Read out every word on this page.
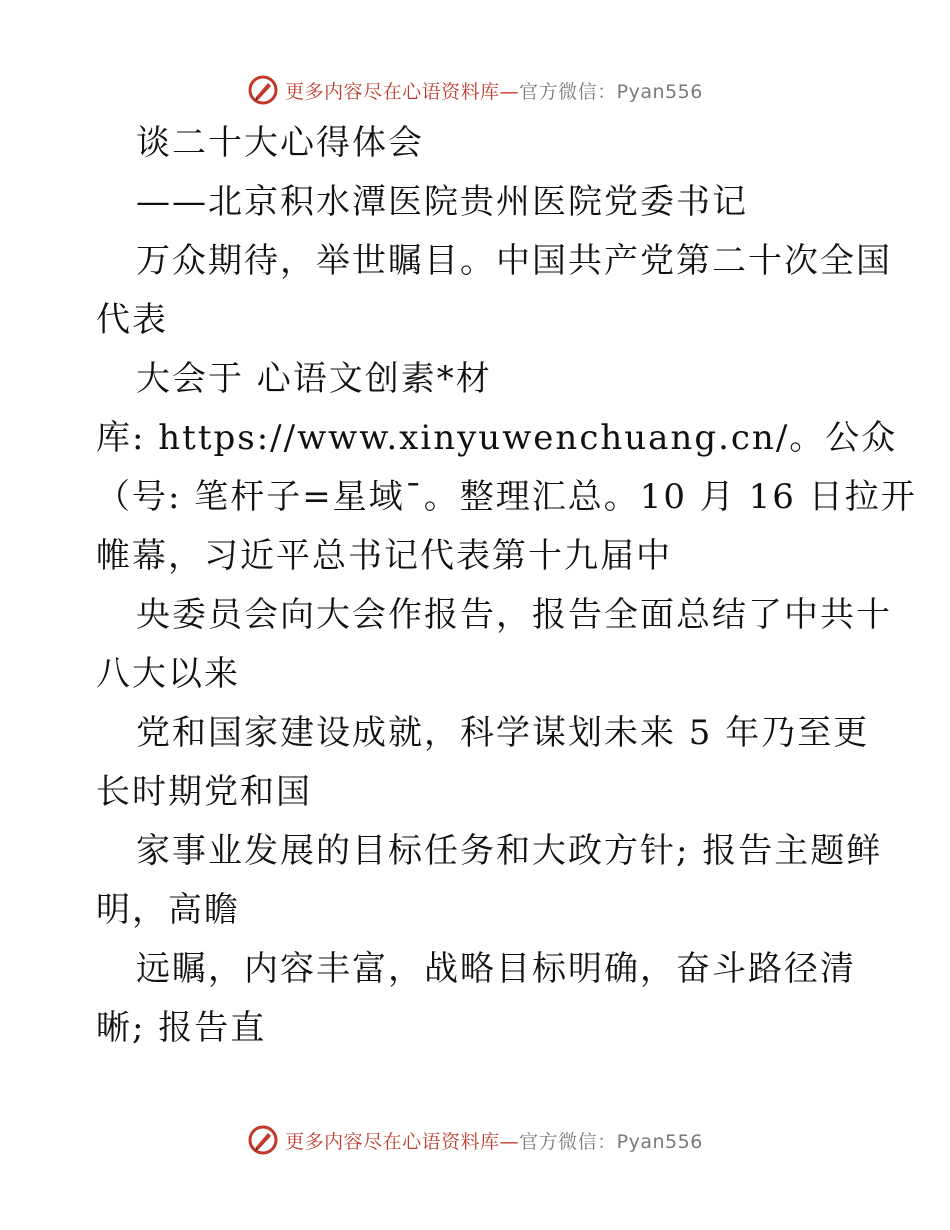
更多内容尽在心语资料库—官方微信：Pyan556
谈二十大心得体会
——北京积水潭医院贵州医院党委书记
万众期待，举世瞩目。中国共产党第二十次全国
代表
大会于 心语文创素*材
库: https://www.xinyuwenchuang.cn/。公众
（号: 笔杆子=星域¯。整理汇总。10 月 16 日拉开
帷幕，习近平总书记代表第十九届中
央委员会向大会作报告，报告全面总结了中共十
八大以来
党和国家建设成就，科学谋划未来 5 年乃至更
长时期党和国
家事业发展的目标任务和大政方针; 报告主题鲜
明，高瞻
远瞩，内容丰富，战略目标明确，奋斗路径清
晰; 报告直
更多内容尽在心语资料库—官方微信：Pyan556
